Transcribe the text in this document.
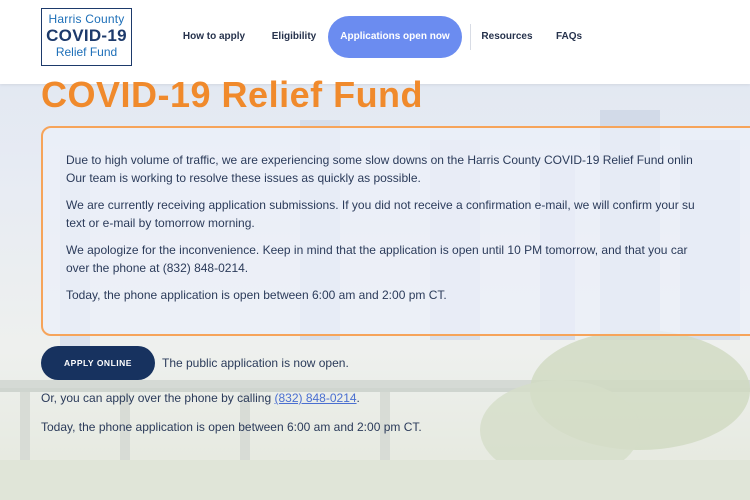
Harris County
COVID-19
Relief Fund
How to apply	Eligibility	Applications open now	Resources	FAQs
COVID-19 Relief Fund

Due to high volume of traffic, we are experiencing some slow downs on the Harris County COVID-19 Relief Fund onlin

Our team is working to resolve these issues as quickly as possible.

We are currently receiving application submissions. If you did not receive a confirmation e-mail, we will confirm your su

text or e-mail by tomorrow morning.

We apologize for the inconvenience. Keep in mind that the application is open until 10 PM tomorrow, and that you car

over the phone at (832) 848-0214.

Today, the phone application is open between 6:00 am and 2:00 pm CT.

APPLY ONLINE	The public application is now open.
Or, you can apply over the phone by calling (832) 848-0214.
Today, the phone application is open between 6:00 am and 2:00 pm CT.
